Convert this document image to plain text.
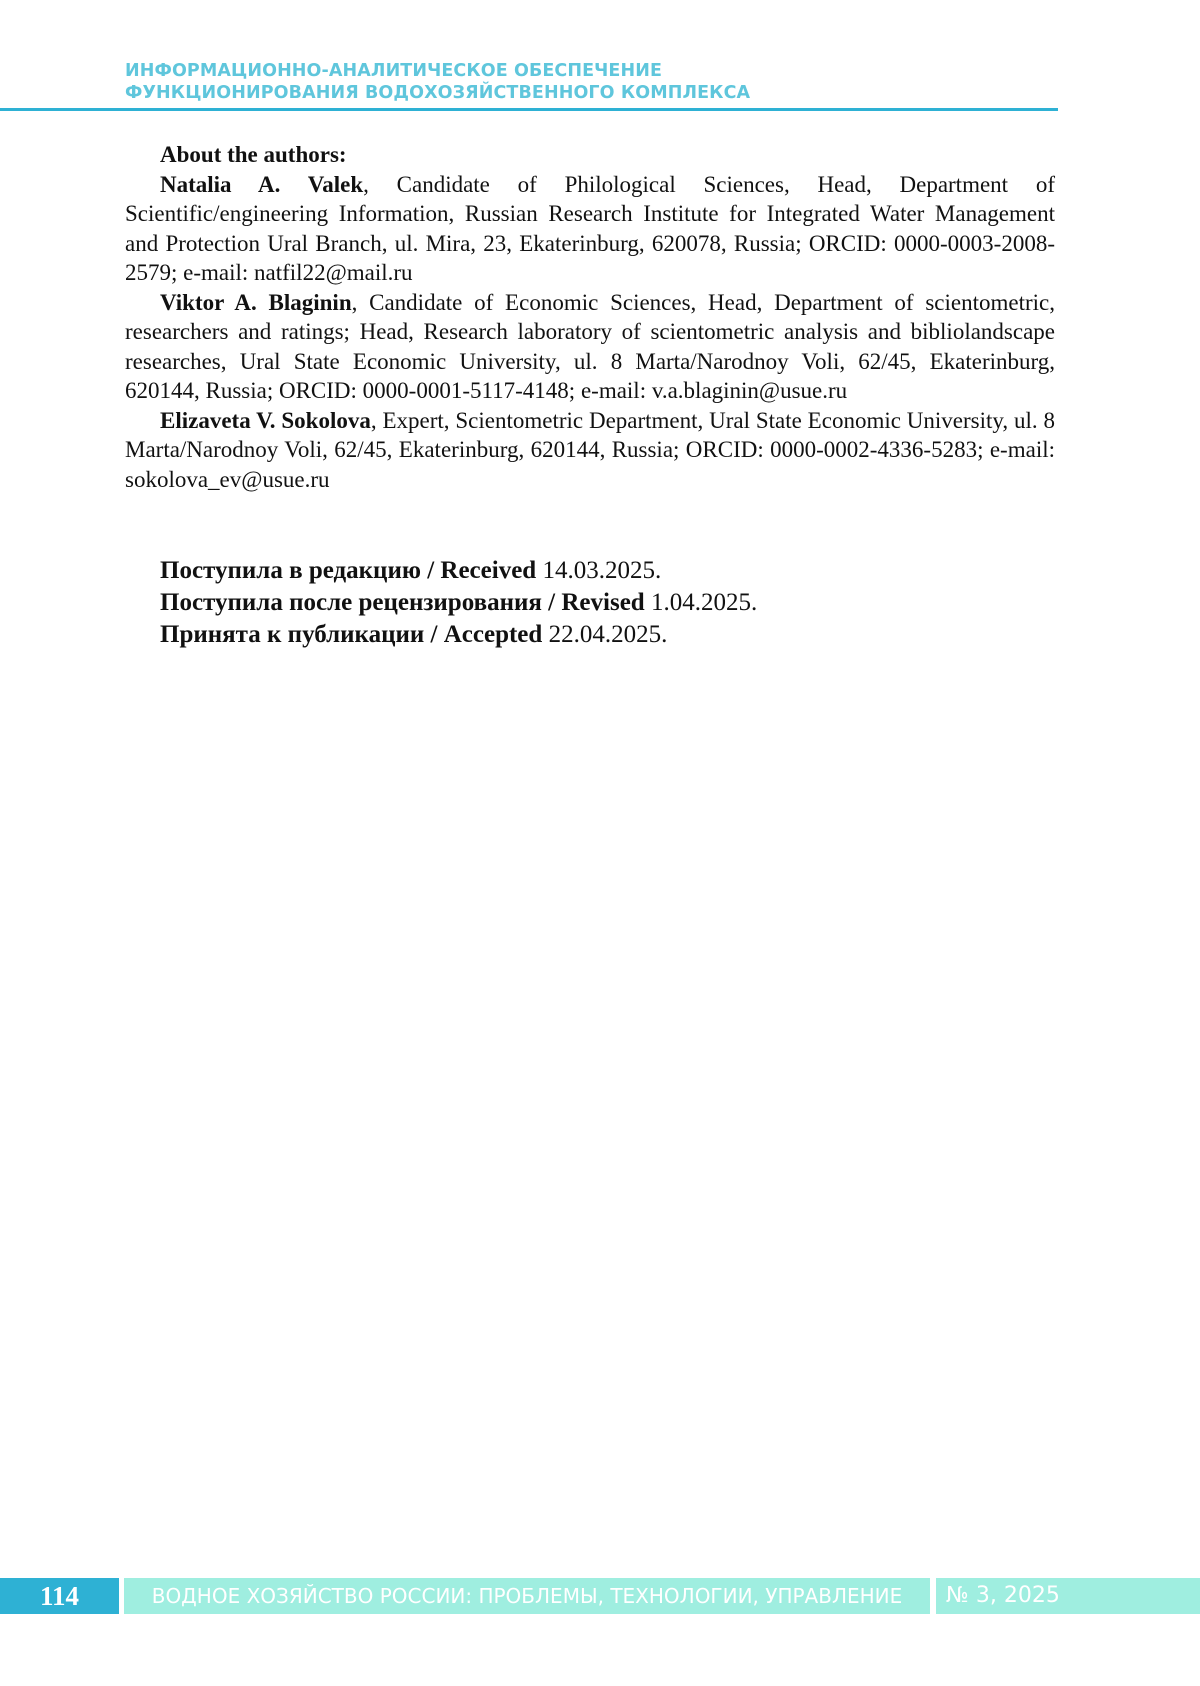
ИНФОРМАЦИОННО-АНАЛИТИЧЕСКОЕ ОБЕСПЕЧЕНИЕ
ФУНКЦИОНИРОВАНИЯ ВОДОХОЗЯЙСТВЕННОГО КОМПЛЕКСА

About the authors:

Natalia A. Valek, Candidate of Philological Sciences, Head, Department of Scientific/engineering Information, Russian Research Institute for Integrated Water Management and Protection Ural Branch, ul. Mira, 23, Ekaterinburg, 620078, Russia; ORCID: 0000-0003-2008-2579; e-mail: natfil22@mail.ru

Viktor A. Blaginin, Candidate of Economic Sciences, Head, Department of scientometric, researchers and ratings; Head, Research laboratory of scientometric analysis and bibliolandscape researches, Ural State Economic University, ul. 8 Marta/Narodnoy Voli, 62/45, Ekaterinburg, 620144, Russia; ORCID: 0000-0001-5117-4148; e-mail: v.a.blaginin@usue.ru

Elizaveta V. Sokolova, Expert, Scientometric Department, Ural State Economic University, ul. 8 Marta/Narodnoy Voli, 62/45, Ekaterinburg, 620144, Russia; ORCID: 0000-0002-4336-5283; e-mail: sokolova_ev@usue.ru

Поступила в редакцию / Received 14.03.2025.
Поступила после рецензирования / Revised 1.04.2025.
Принята к публикации / Accepted 22.04.2025.
114	ВОДНОЕ ХОЗЯЙСТВО РОССИИ: ПРОБЛЕМЫ, ТЕХНОЛОГИИ, УПРАВЛЕНИЕ	№ 3, 2025
